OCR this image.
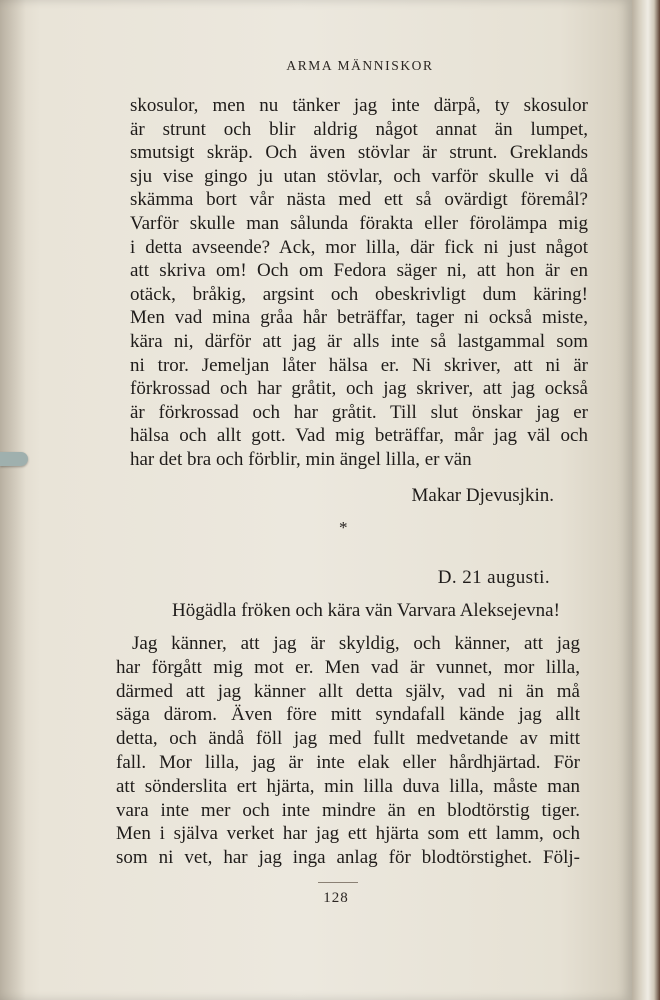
ARMA MÄNNISKOR
skosulor, men nu tänker jag inte därpå, ty skosulor
är strunt och blir aldrig något annat än lumpet,
smutsigt skräp. Och även stövlar är strunt. Greklands
sju vise gingo ju utan stövlar, och varför skulle vi då
skämma bort vår nästa med ett så ovärdigt föremål?
Varför skulle man sålunda förakta eller förolämpa mig
i detta avseende? Ack, mor lilla, där fick ni just något
att skriva om! Och om Fedora säger ni, att hon är en
otäck, bråkig, argsint och obeskrivligt dum käring!
Men vad mina gråa hår beträffar, tager ni också miste,
kära ni, därför att jag är alls inte så lastgammal som
ni tror. Jemeljan låter hälsa er. Ni skriver, att ni är
förkrossad och har gråtit, och jag skriver, att jag också
är förkrossad och har gråtit. Till slut önskar jag er
hälsa och allt gott. Vad mig beträffar, mår jag väl och
har det bra och förblir, min ängel lilla, er vän
Makar Djevusjkin.
*
D. 21 augusti.
Högädla fröken och kära vän Varvara Aleksejevna!
Jag känner, att jag är skyldig, och känner, att jag
har förgått mig mot er. Men vad är vunnet, mor lilla,
därmed att jag känner allt detta själv, vad ni än må
säga därom. Även före mitt syndafall kände jag allt
detta, och ändå föll jag med fullt medvetande av mitt
fall. Mor lilla, jag är inte elak eller hårdhjärtad. För
att sönderslita ert hjärta, min lilla duva lilla, måste man
vara inte mer och inte mindre än en blodtörstig tiger.
Men i själva verket har jag ett hjärta som ett lamm, och
som ni vet, har jag inga anlag för blodtörstighet. Följ-
128
